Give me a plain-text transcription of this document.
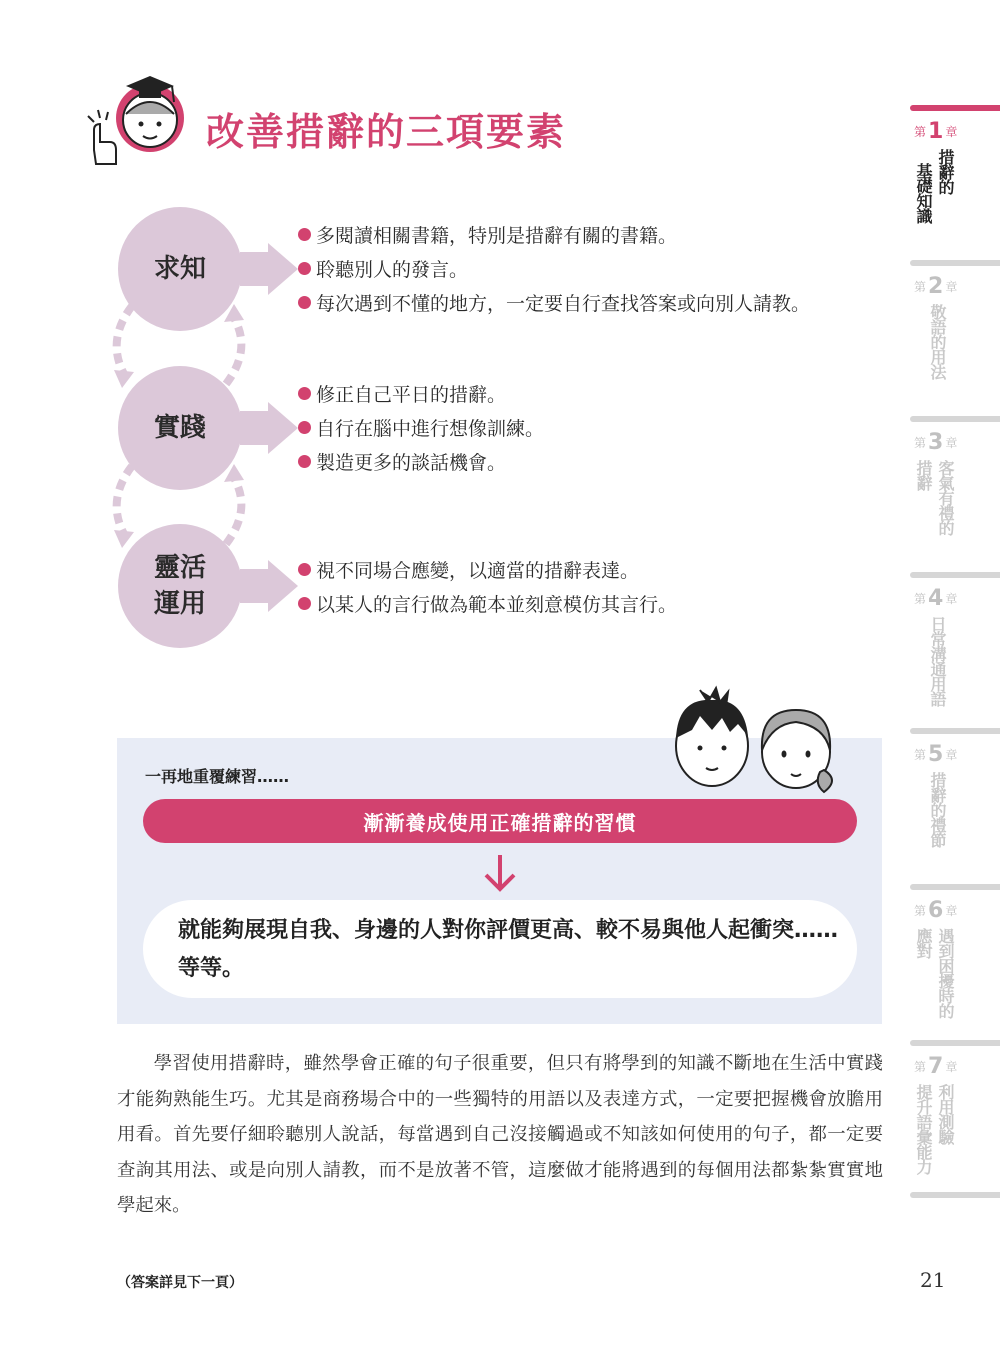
改善措辭的三項要素
求知
多閱讀相關書籍，特別是措辭有關的書籍。
聆聽別人的發言。
每次遇到不懂的地方，一定要自行查找答案或向別人請教。
實踐
修正自己平日的措辭。
自行在腦中進行想像訓練。
製造更多的談話機會。
靈活
運用
視不同場合應變，以適當的措辭表達。
以某人的言行做為範本並刻意模仿其言行。
一再地重覆練習……
漸漸養成使用正確措辭的習慣
就能夠展現自我、身邊的人對你評價更高、較不易與他人起衝突……等等。

學習使用措辭時，雖然學會正確的句子很重要，但只有將學到的知識不斷地在生活中實踐才能夠熟能生巧。尤其是商務場合中的一些獨特的用語以及表達方式，一定要把握機會放膽用用看。首先要仔細聆聽別人說話，每當遇到自己沒接觸過或不知該如何使用的句子，都一定要查詢其用法、或是向別人請教，而不是放著不管，這麼做才能將遇到的每個用法都紮紮實實地學起來。

（答案詳見下一頁）	21
第1 章
措辭的
基礎知識
第2 章
敬語的用法
第3 章
客氣有禮的
措辭
第4 章
日常溝通用語
第5 章
措辭的禮節
第6 章
遇到困擾時的
應對
第7 章
利用測驗
提升語彙能力
